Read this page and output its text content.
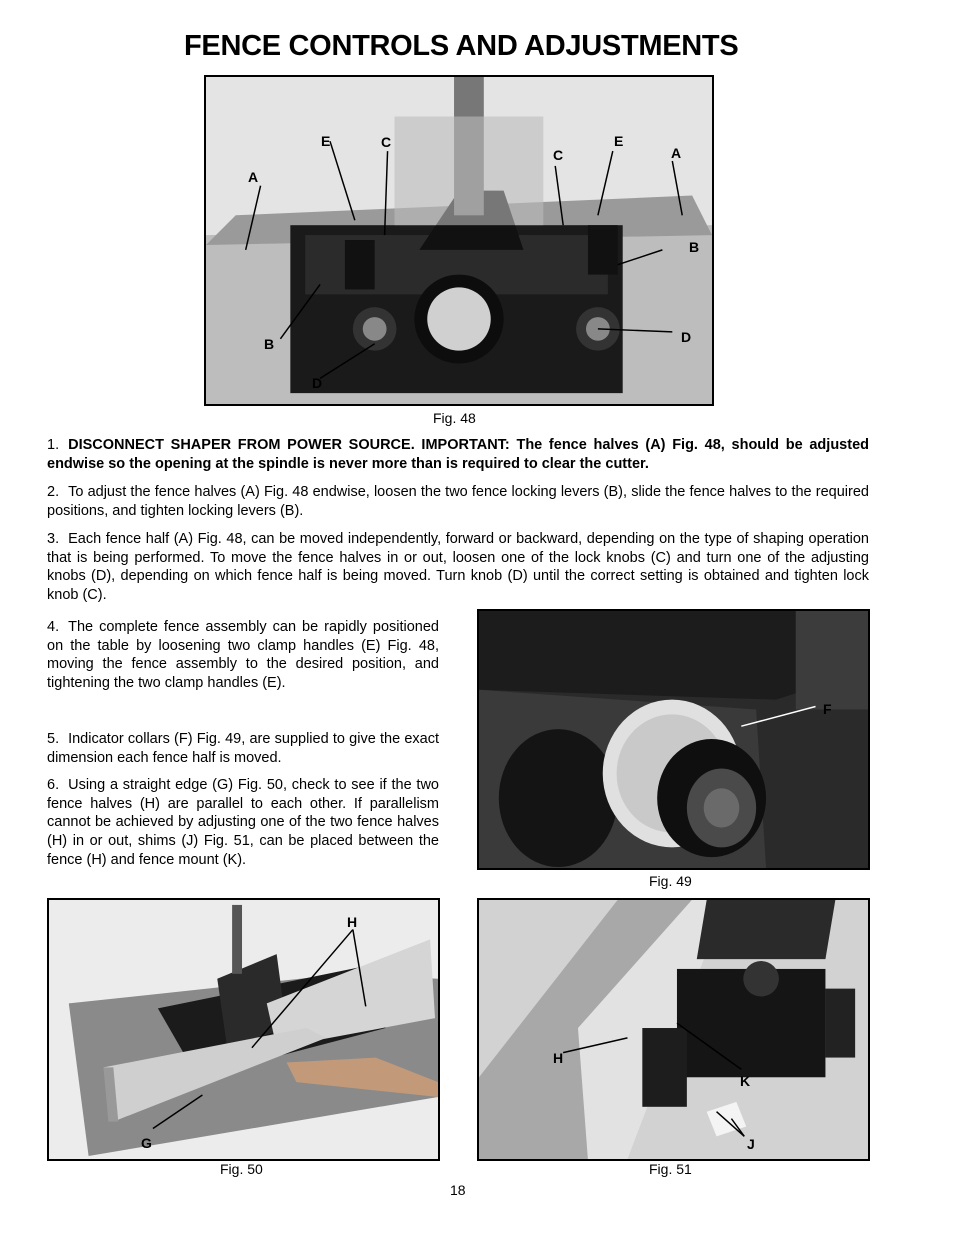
FENCE CONTROLS AND ADJUSTMENTS
E	C
C
E
A
A
B
B	D
D
Fig. 48

1. DISCONNECT SHAPER FROM POWER SOURCE. IMPORTANT: The fence halves (A) Fig. 48, should be adjusted endwise so the opening at the spindle is never more than is required to clear the cutter.

2. To adjust the fence halves (A) Fig. 48 endwise, loosen the two fence locking levers (B), slide the fence halves to the required positions, and tighten locking levers (B).

3. Each fence half (A) Fig. 48, can be moved independently, forward or backward, depending on the type of shaping operation that is being performed. To move the fence halves in or out, loosen one of the lock knobs (C) and turn one of the adjusting knobs (D), depending on which fence half is being moved. Turn knob (D) until the correct setting is obtained and tighten lock knob (C).

4. The complete fence assembly can be rapidly positioned on the table by loosening two clamp handles (E) Fig. 48, moving the fence assembly to the desired position, and tightening the two clamp handles (E).

5. Indicator collars (F) Fig. 49, are supplied to give the exact dimension each fence half is moved.

6. Using a straight edge (G) Fig. 50, check to see if the two fence halves (H) are parallel to each other. If parallelism cannot be achieved by adjusting one of the two fence halves (H) in or out, shims (J) Fig. 51, can be placed between the fence (H) and fence mount (K).

F
Fig. 49
H
G
Fig. 50
H
K
J
Fig. 51
18
